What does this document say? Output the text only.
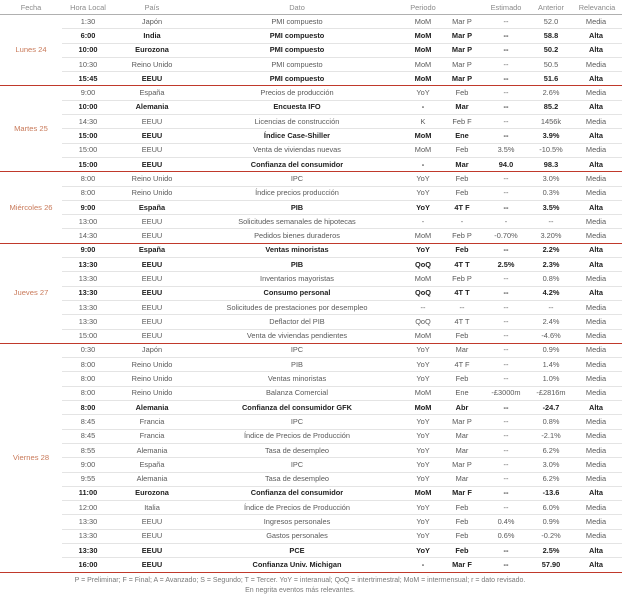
Fecha	Hora Local	País	Dato	Periodo		Estimado	Anterior	Relevancia
Lunes 24	1:30	Japón	PMI compuesto	MoM	Mar P	--	52.0	Media
	6:00	India	PMI compuesto	MoM	Mar P	--	58.8	Alta
	10:00	Eurozona	PMI compuesto	MoM	Mar P	--	50.2	Alta
	10:30	Reino Unido	PMI compuesto	MoM	Mar P	--	50.5	Media
	15:45	EEUU	PMI compuesto	MoM	Mar P	--	51.6	Alta
Martes 25	9:00	España	Precios de producción	YoY	Feb	--	2.6%	Media
	10:00	Alemania	Encuesta IFO	-	Mar	--	85.2	Alta
	14:30	EEUU	Licencias de construcción	K	Feb F	--	1456k	Media
	15:00	EEUU	Índice Case-Shiller	MoM	Ene	--	3.9%	Alta
	15:00	EEUU	Venta de viviendas nuevas	MoM	Feb	3.5%	-10.5%	Media
	15:00	EEUU	Confianza del consumidor	-	Mar	94.0	98.3	Alta
Miércoles 26	8:00	Reino Unido	IPC	YoY	Feb	--	3.0%	Media
	8:00	Reino Unido	Índice precios producción	YoY	Feb	--	0.3%	Media
	9:00	España	PIB	YoY	4T F	--	3.5%	Alta
	13:00	EEUU	Solicitudes semanales de hipotecas	-	-	-	--	Media
	14:30	EEUU	Pedidos bienes duraderos	MoM	Feb P	-0.70%	3.20%	Media
Jueves 27	9:00	España	Ventas minoristas	YoY	Feb	--	2.2%	Alta
	13:30	EEUU	PIB	QoQ	4T T	2.5%	2.3%	Alta
	13:30	EEUU	Inventarios mayoristas	MoM	Feb P	--	0.8%	Media
	13:30	EEUU	Consumo personal	QoQ	4T T	--	4.2%	Alta
	13:30	EEUU	Solicitudes de prestaciones por desempleo	--	--	--	--	Media
	13:30	EEUU	Deflactor del PIB	QoQ	4T T	--	2.4%	Media
	15:00	EEUU	Venta de viviendas pendientes	MoM	Feb	--	-4.6%	Media
Viernes 28	0:30	Japón	IPC	YoY	Mar	--	0.9%	Media
	8:00	Reino Unido	PIB	YoY	4T F	--	1.4%	Media
	8:00	Reino Unido	Ventas minoristas	YoY	Feb	--	1.0%	Media
	8:00	Reino Unido	Balanza Comercial	MoM	Ene	-£3000m	-£2816m	Media
	8:00	Alemania	Confianza del consumidor GFK	MoM	Abr	--	-24.7	Alta
	8:45	Francia	IPC	YoY	Mar P	--	0.8%	Media
	8:45	Francia	Índice de Precios de Producción	YoY	Mar	--	-2.1%	Media
	8:55	Alemania	Tasa de desempleo	YoY	Mar	--	6.2%	Media
	9:00	España	IPC	YoY	Mar P	--	3.0%	Media
	9:55	Alemania	Tasa de desempleo	YoY	Mar	--	6.2%	Media
	11:00	Eurozona	Confianza del consumidor	MoM	Mar F	--	-13.6	Alta
	12:00	Italia	Índice de Precios de Producción	YoY	Feb	--	6.0%	Media
	13:30	EEUU	Ingresos personales	YoY	Feb	0.4%	0.9%	Media
	13:30	EEUU	Gastos personales	YoY	Feb	0.6%	-0.2%	Media
	13:30	EEUU	PCE	YoY	Feb	--	2.5%	Alta
	16:00	EEUU	Confianza Univ. Michigan	-	Mar F	--	57.90	Alta
P = Preliminar; F = Final; A = Avanzado; S = Segundo; T = Tercer. YoY = interanual; QoQ = intertrimestral; MoM = intermensual; r = dato revisado.
En negrita eventos más relevantes.
